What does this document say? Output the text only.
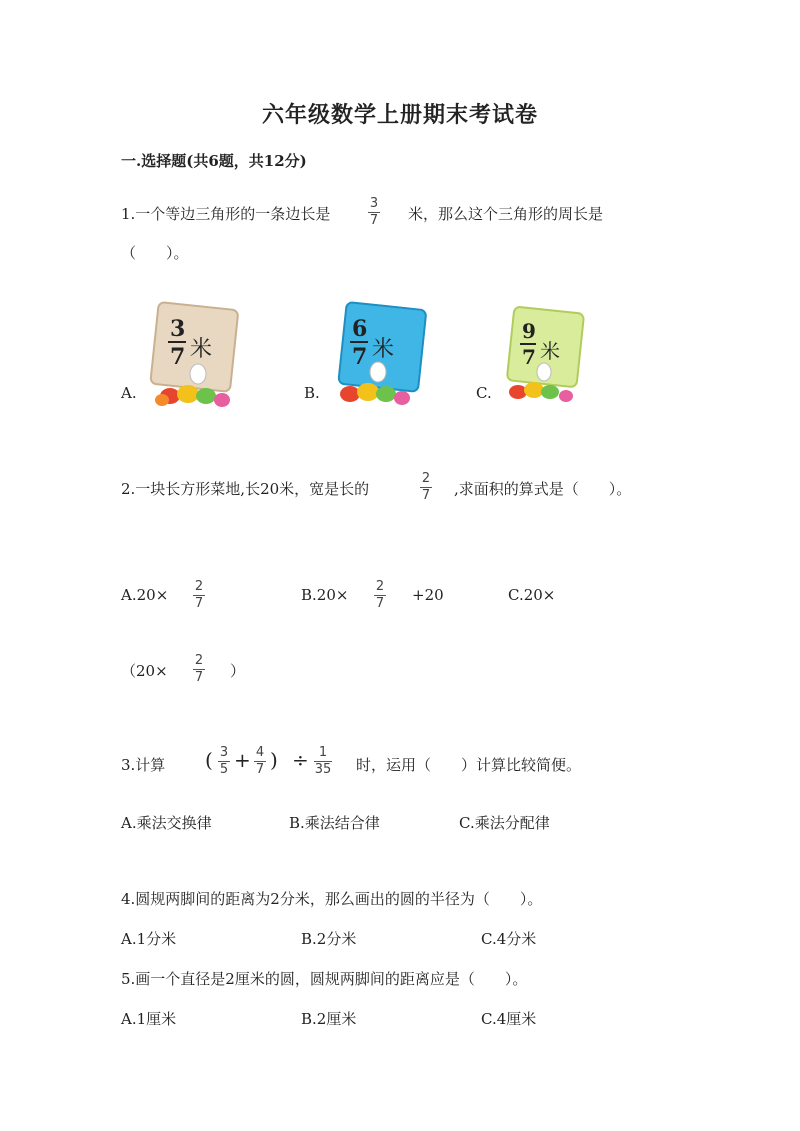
六年级数学上册期末考试卷
一.选择题(共6题，共12分)
1.一个等边三角形的一条边长是
3
7 米，那么这个三角形的周长是
（　　）。
A.
3
7 米
B.
6
7 米
C.
9
7 米
2.一块长方形菜地,长20米，宽是长的
2
7 ,求面积的算式是（　　）。
A.20× 2
7	B.20× 2
7 +20	C.20×
（20×
2
7 ）
3.计算 ( 3
5 + 4
7 ) ÷ 1
35 时，运用（　　）计算比较简便。
A.乘法交换律	B.乘法结合律	C.乘法分配律
4.圆规两脚间的距离为2分米，那么画出的圆的半径为（　　）。
A.1分米	B.2分米	C.4分米
5.画一个直径是2厘米的圆，圆规两脚间的距离应是（　　）。
A.1厘米	B.2厘米	C.4厘米
